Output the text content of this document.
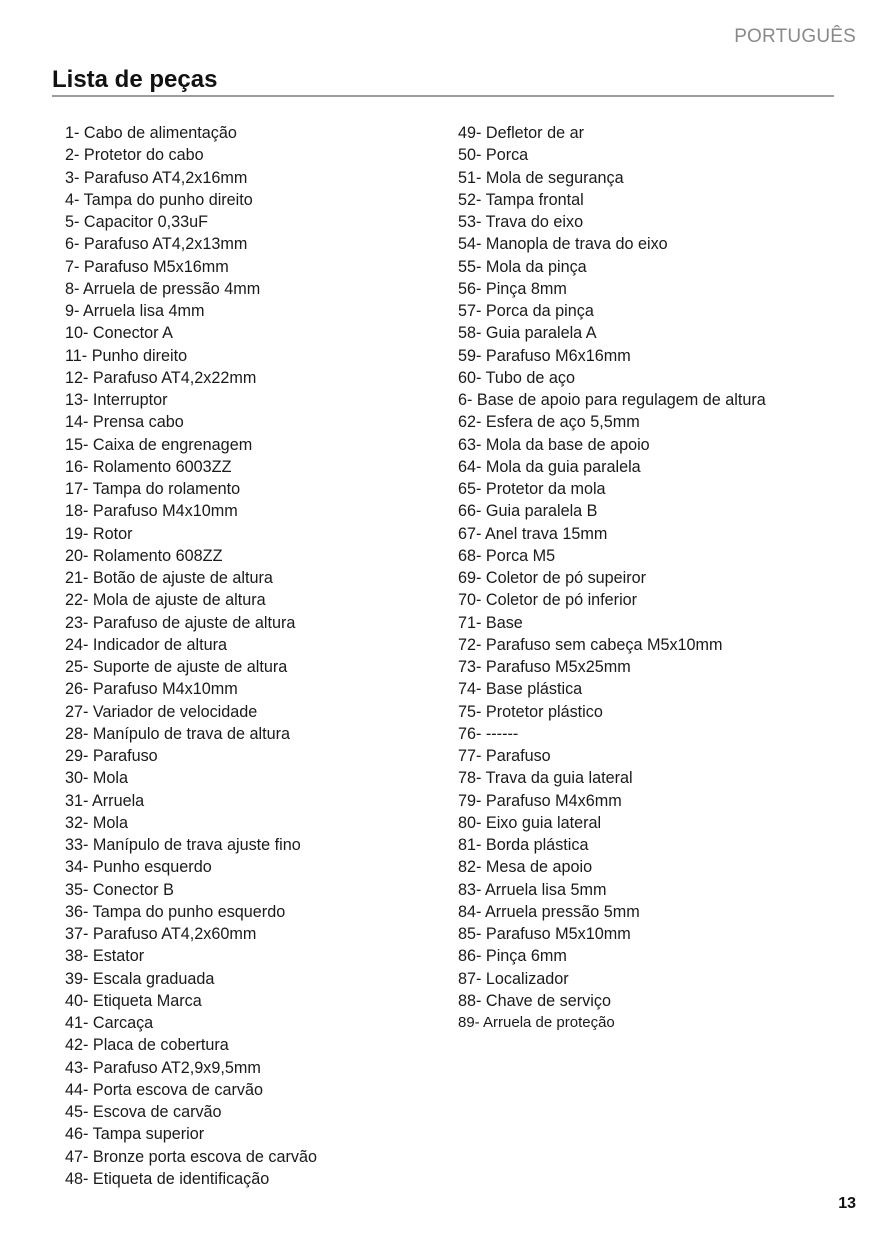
PORTUGUÊS
Lista de peças
1- Cabo de alimentação
2- Protetor do cabo
3- Parafuso AT4,2x16mm
4- Tampa do punho direito
5- Capacitor 0,33uF
6- Parafuso AT4,2x13mm
7- Parafuso M5x16mm
8- Arruela de pressão 4mm
9- Arruela lisa 4mm
10- Conector A
11- Punho direito
12- Parafuso AT4,2x22mm
13- Interruptor
14- Prensa cabo
15- Caixa de engrenagem
16- Rolamento 6003ZZ
17- Tampa do rolamento
18- Parafuso M4x10mm
19- Rotor
20- Rolamento 608ZZ
21- Botão de ajuste de altura
22- Mola de ajuste de altura
23- Parafuso de ajuste de altura
24- Indicador de altura
25- Suporte de ajuste de altura
26- Parafuso M4x10mm
27- Variador de velocidade
28- Manípulo de trava de altura
29- Parafuso
30- Mola
31- Arruela
32- Mola
33- Manípulo de trava ajuste fino
34- Punho esquerdo
35- Conector B
36- Tampa do punho esquerdo
37- Parafuso AT4,2x60mm
38- Estator
39- Escala graduada
40- Etiqueta Marca
41- Carcaça
42- Placa de cobertura
43- Parafuso AT2,9x9,5mm
44- Porta escova de carvão
45- Escova de carvão
46- Tampa superior
47- Bronze porta escova de carvão
48- Etiqueta de identificação
49- Defletor de ar
50- Porca
51- Mola de segurança
52- Tampa frontal
53- Trava do eixo
54- Manopla de trava do eixo
55- Mola da pinça
56- Pinça 8mm
57- Porca da pinça
58- Guia paralela A
59- Parafuso M6x16mm
60- Tubo de aço
6- Base de apoio para regulagem de altura
62- Esfera de aço 5,5mm
63- Mola da base de apoio
64- Mola da guia paralela
65- Protetor da mola
66- Guia paralela B
67- Anel trava 15mm
68- Porca M5
69- Coletor de pó supeiror
70- Coletor de pó inferior
71- Base
72- Parafuso sem cabeça M5x10mm
73- Parafuso M5x25mm
74- Base plástica
75- Protetor plástico
76- ------
77- Parafuso
78- Trava da guia lateral
79- Parafuso M4x6mm
80- Eixo guia lateral
81- Borda plástica
82- Mesa de apoio
83- Arruela lisa 5mm
84- Arruela pressão 5mm
85- Parafuso M5x10mm
86- Pinça 6mm
87- Localizador
88- Chave de serviço
89- Arruela de proteção
13
